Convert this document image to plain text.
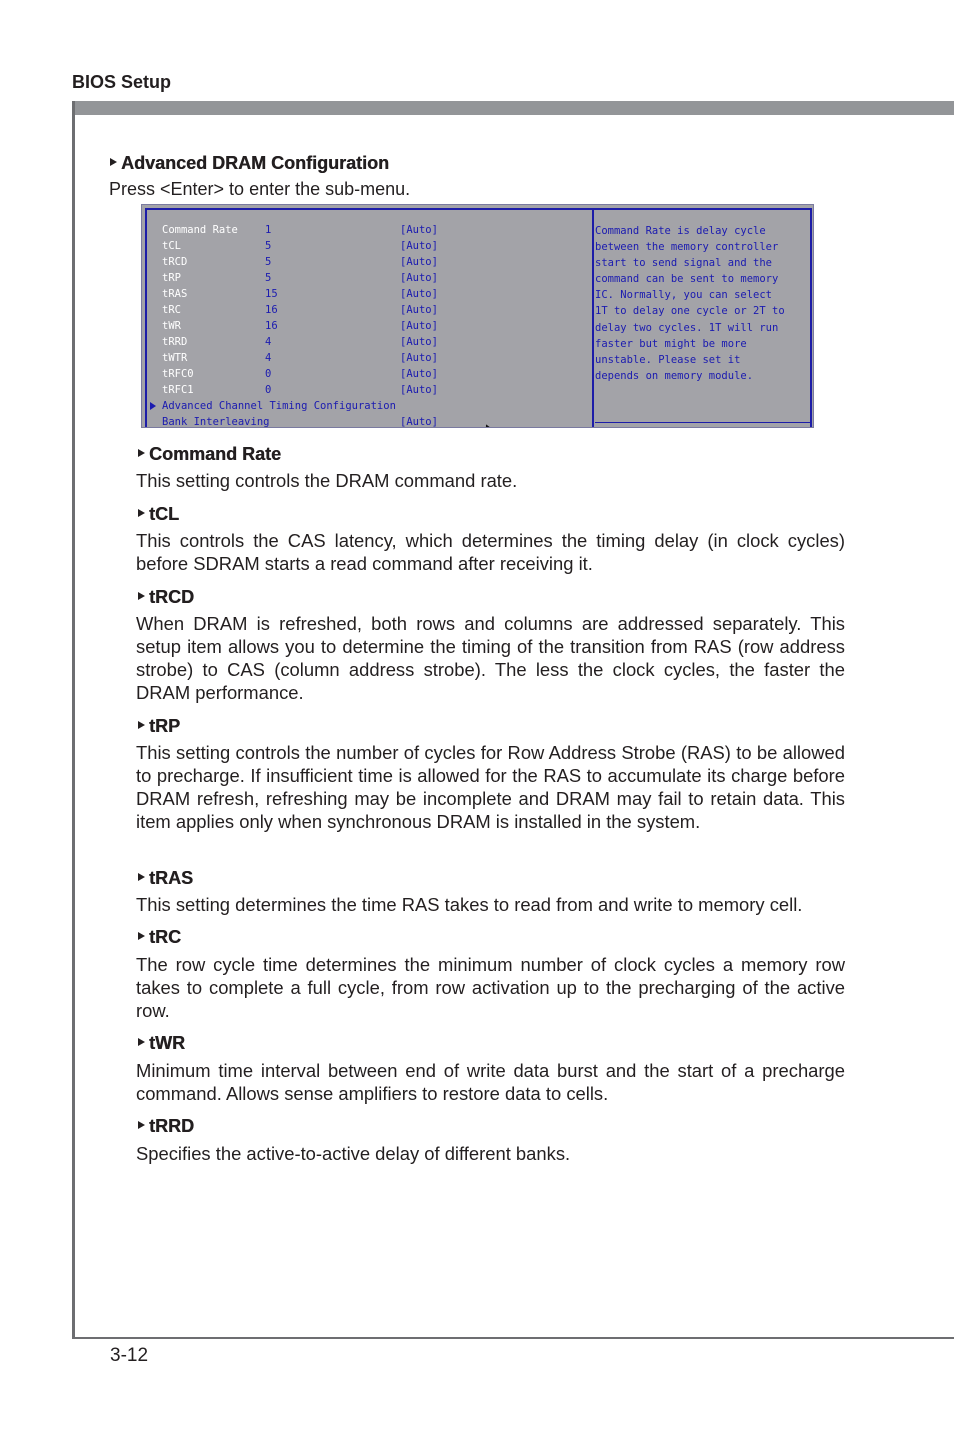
BIOS Setup
Advanced DRAM Configuration
Press <Enter> to enter the sub-menu.
Command Rate	1	[Auto]
tCL	5	[Auto]
tRCD	5	[Auto]
tRP	5	[Auto]
tRAS	15	[Auto]
tRC	16	[Auto]
tWR	16	[Auto]
tRRD	4	[Auto]
tWTR	4	[Auto]
tRFC0	0	[Auto]
tRFC1	0	[Auto]
Advanced Channel Timing Configuration
Bank Interleaving	[Auto]
Command Rate is delay cycle
between the memory controller
start to send signal and the
command can be sent to memory
IC. Normally, you can select
1T to delay one cycle or 2T to
delay two cycles. 1T will run
faster but might be more
unstable. Please set it
depends on memory module.
Command Rate
This setting controls the DRAM command rate.
tCL
This controls the CAS latency, which determines the timing delay (in clock cycles) before SDRAM starts a read command after receiving it.
tRCD
When DRAM is refreshed, both rows and columns are addressed separately. This setup item allows you to determine the timing of the transition from RAS (row address strobe) to CAS (column address strobe). The less the clock cycles, the faster the DRAM performance.
tRP
This setting controls the number of cycles for Row Address Strobe (RAS) to be allowed to precharge. If insufficient time is allowed for the RAS to accumulate its charge before DRAM refresh, refreshing may be incomplete and DRAM may fail to retain data. This item applies only when synchronous DRAM is installed in the system.
tRAS
This setting determines the time RAS takes to read from and write to memory cell.
tRC
The row cycle time determines the minimum number of clock cycles a memory row takes to complete a full cycle, from row activation up to the precharging of the active row.
tWR
Minimum time interval between end of write data burst and the start of a precharge command. Allows sense amplifiers to restore data to cells.
tRRD
Specifies the active-to-active delay of different banks.
3-12
